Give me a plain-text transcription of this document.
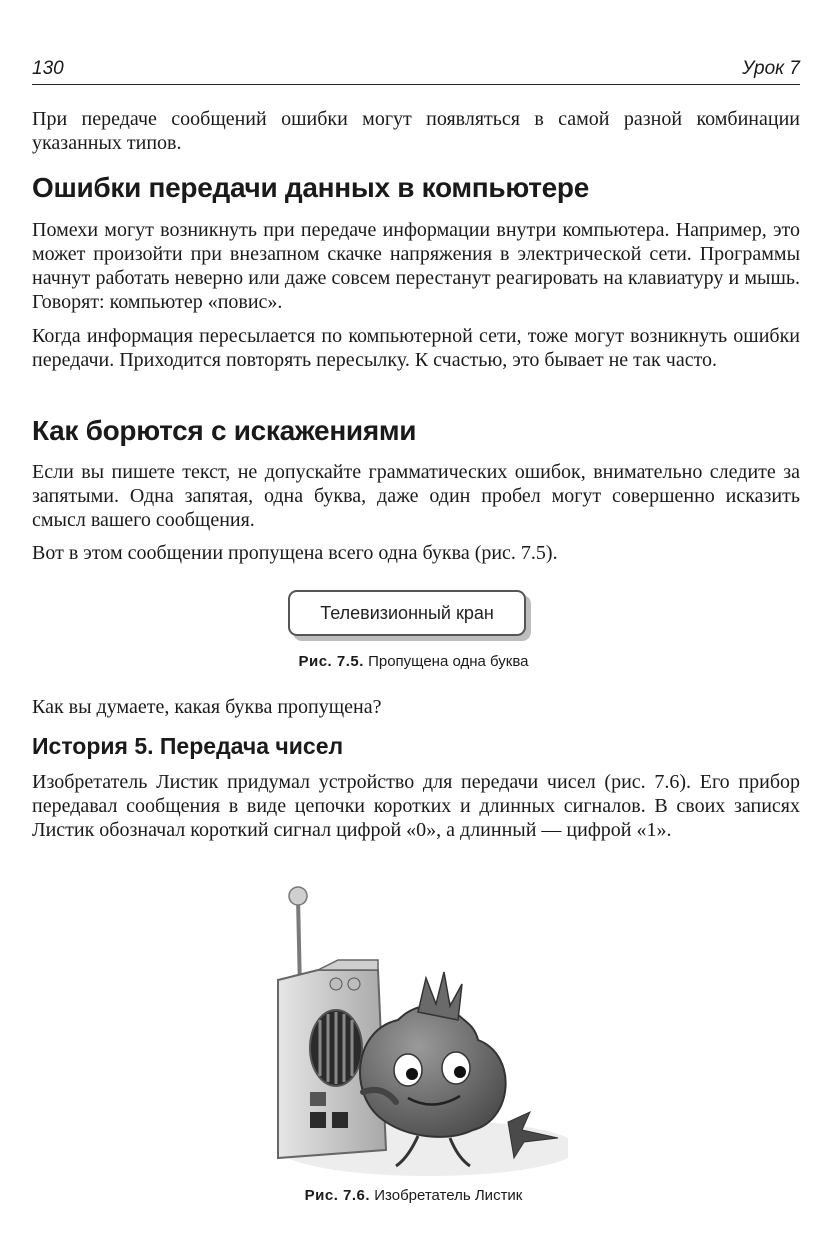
130	Урок 7

При передаче сообщений ошибки могут появляться в самой разной комбинации указанных типов.

Ошибки передачи данных в компьютере

Помехи могут возникнуть при передаче информации внутри компьютера. Например, это может произойти при внезапном скачке напряжения в электрической сети. Программы начнут работать неверно или даже совсем перестанут реагировать на клавиатуру и мышь. Говорят: компьютер «повис».

Когда информация пересылается по компьютерной сети, тоже могут возникнуть ошибки передачи. Приходится повторять пересылку. К счастью, это бывает не так часто.

Как борются с искажениями

Если вы пишете текст, не допускайте грамматических ошибок, внимательно следите за запятыми. Одна запятая, одна буква, даже один пробел могут совершенно исказить смысл вашего сообщения.

Вот в этом сообщении пропущена всего одна буква (рис. 7.5).

Телевизионный кран
Рис. 7.5. Пропущена одна буква

Как вы думаете, какая буква пропущена?

История 5. Передача чисел

Изобретатель Листик придумал устройство для передачи чисел (рис. 7.6). Его прибор передавал сообщения в виде цепочки коротких и длинных сигналов. В своих записях Листик обозначал короткий сигнал цифрой «0», а длинный — цифрой «1».

Рис. 7.6. Изобретатель Листик
